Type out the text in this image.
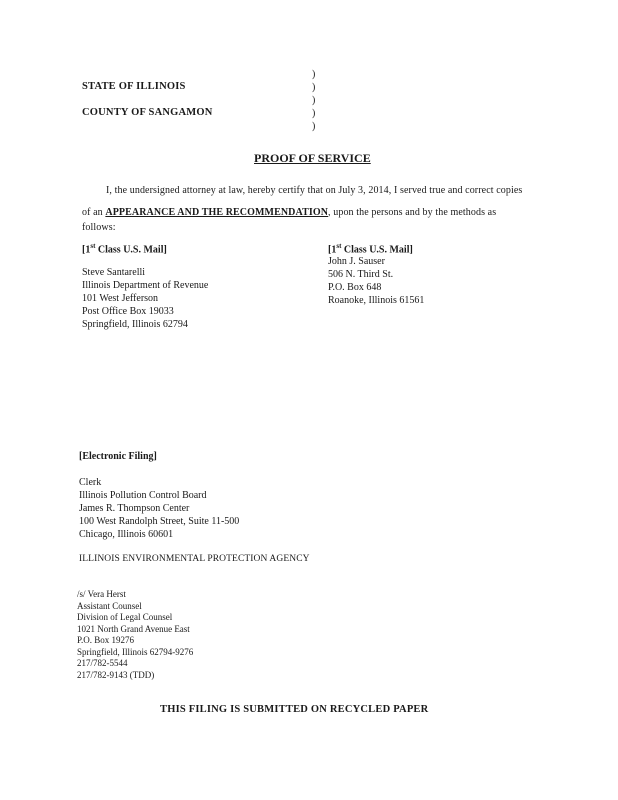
STATE OF ILLINOIS
COUNTY OF SANGAMON
)
)
)
)
)
PROOF OF SERVICE
I, the undersigned attorney at law, hereby certify that on July 3, 2014, I served true and correct copies
of an APPEARANCE AND THE RECOMMENDATION, upon the persons and by the methods as
follows:
[1st Class U.S. Mail]
Steve Santarelli
Illinois Department of Revenue
101 West Jefferson
Post Office Box 19033
Springfield, Illinois 62794
[1st Class U.S. Mail]
John J. Sauser
506 N. Third St.
P.O. Box 648
Roanoke, Illinois 61561
[Electronic Filing]
Clerk
Illinois Pollution Control Board
James R. Thompson Center
100 West Randolph Street, Suite 11-500
Chicago, Illinois 60601
ILLINOIS ENVIRONMENTAL PROTECTION AGENCY
/s/ Vera Herst
Assistant Counsel
Division of Legal Counsel
1021 North Grand Avenue East
P.O. Box 19276
Springfield, Illinois 62794-9276
217/782-5544
217/782-9143 (TDD)
THIS FILING IS SUBMITTED ON RECYCLED PAPER
